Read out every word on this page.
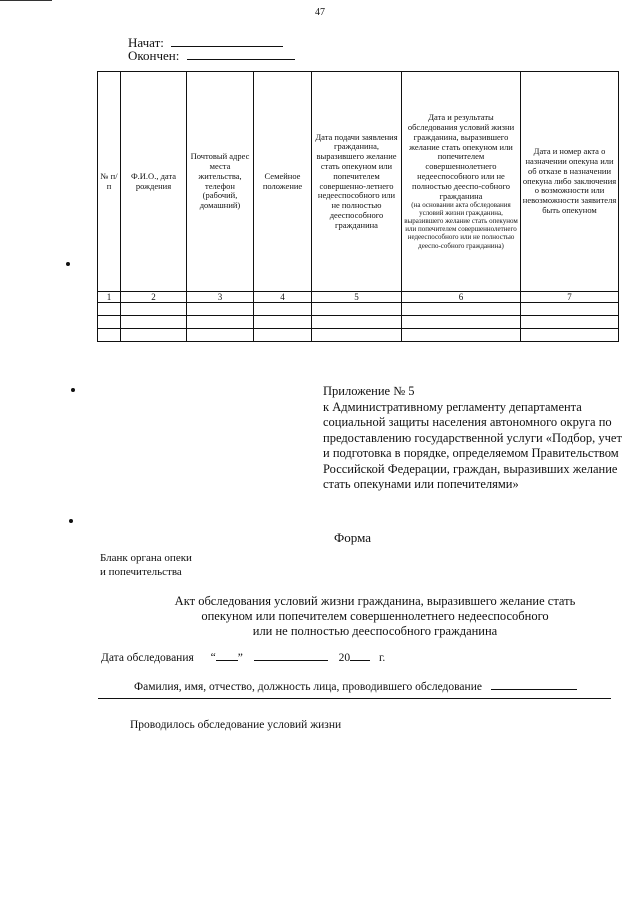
47
Начат:
Окончен:
№ п/п	Ф.И.О., дата рождения	Почтовый адрес места жительства, телефон (рабочий, домашний)	Семейное положение	Дата подачи заявления гражданина, выразившего желание стать опекуном или попечителем совершенно-летнего недееспособного или не полностью дееспособного гражданина	Дата и результаты обследования условий жизни гражданина, выразившего желание стать опекуном или попечителем совершеннолетнего недееспособного или не полностью дееспо-собного гражданина
(на основании акта обследования условий жизни гражданина, выразившего желание стать опекуном или попечителем совершеннолетнего недееспособного или не полностью дееспо-собного гражданина)	Дата и номер акта о назначении опекуна или об отказе в назначении опекуна либо заключения о возможности или невозможности заявителя быть опекуном
1	2	3	4	5	6	7

Приложение № 5
к Административному регламенту департамента социальной защиты населения автономного округа по предоставлению государственной услуги «Подбор, учет и подготовка в порядке, определяемом Правительством Российской Федерации, граждан, выразивших желание стать опекунами или попечителями»
Форма
Бланк органа опеки
и попечительства
Акт обследования условий жизни гражданина, выразившего желание стать
опекуном или попечителем совершеннолетнего недееспособного
или не полностью дееспособного гражданина
Дата обследования “ ”	20	г.
Фамилия, имя, отчество, должность лица, проводившего обследование
Проводилось обследование условий жизни
